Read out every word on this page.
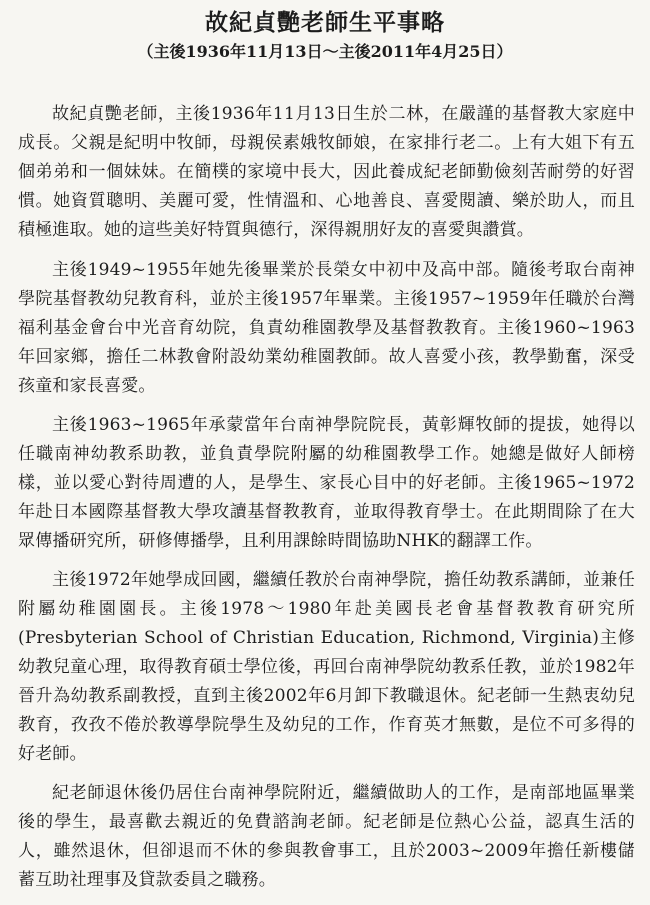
故紀貞艷老師生平事略
（主後1936年11月13日～主後2011年4月25日）

故紀貞艷老師，主後1936年11月13日生於二林，在嚴謹的基督教大家庭中成長。父親是紀明中牧師，母親侯素娥牧師娘，在家排行老二。上有大姐下有五個弟弟和一個妹妹。在簡樸的家境中長大，因此養成紀老師勤儉刻苦耐勞的好習慣。她資質聰明、美麗可愛，性情溫和、心地善良、喜愛閱讀、樂於助人，而且積極進取。她的這些美好特質與德行，深得親朋好友的喜愛與讚賞。

主後1949~1955年她先後畢業於長榮女中初中及高中部。隨後考取台南神學院基督教幼兒教育科，並於主後1957年畢業。主後1957~1959年任職於台灣福利基金會台中光音育幼院，負責幼稚園教學及基督教教育。主後1960~1963年回家鄉，擔任二林教會附設幼業幼稚園教師。故人喜愛小孩，教學勤奮，深受孩童和家長喜愛。

主後1963~1965年承蒙當年台南神學院院長，黃彰輝牧師的提拔，她得以任職南神幼教系助教，並負責學院附屬的幼稚園教學工作。她總是做好人師榜樣，並以愛心對待周遭的人，是學生、家長心目中的好老師。主後1965~1972年赴日本國際基督教大學攻讀基督教教育，並取得教育學士。在此期間除了在大眾傳播研究所，研修傳播學，且利用課餘時間協助NHK的翻譯工作。

主後1972年她學成回國，繼續任教於台南神學院，擔任幼教系講師，並兼任附屬幼稚園園長。主後1978～1980年赴美國長老會基督教教育研究所(Presbyterian School of Christian Education, Richmond, Virginia)主修幼教兒童心理，取得教育碩士學位後，再回台南神學院幼教系任教，並於1982年晉升為幼教系副教授，直到主後2002年6月卸下教職退休。紀老師一生熱衷幼兒教育，孜孜不倦於教導學院學生及幼兒的工作，作育英才無數，是位不可多得的好老師。

紀老師退休後仍居住台南神學院附近，繼續做助人的工作，是南部地區畢業後的學生，最喜歡去親近的免費諮詢老師。紀老師是位熱心公益，認真生活的人，雖然退休，但卻退而不休的參與教會事工，且於2003~2009年擔任新樓儲蓄互助社理事及貸款委員之職務。
